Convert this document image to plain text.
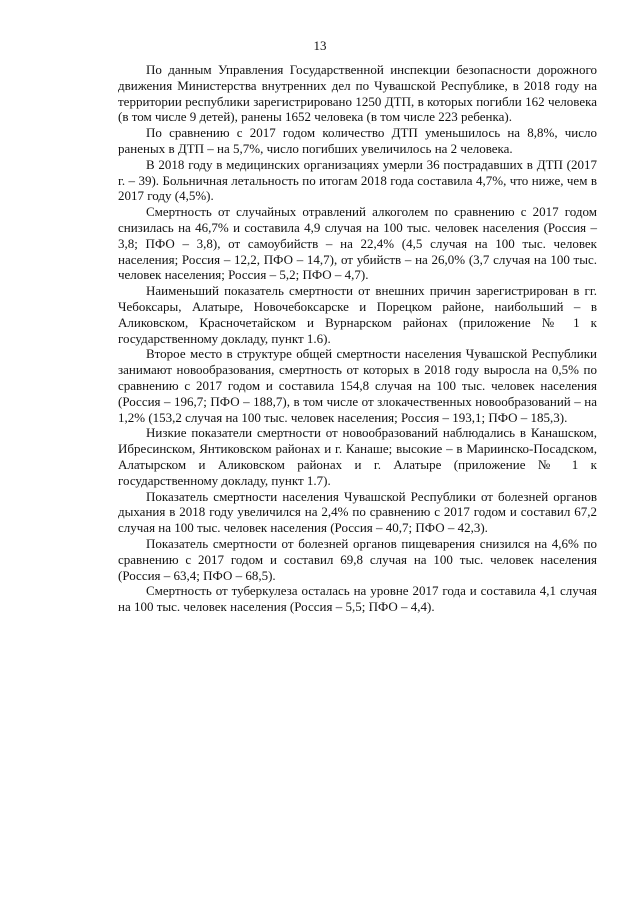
13

По данным Управления Государственной инспекции безопасности дорожного движения Министерства внутренних дел по Чувашской Республике, в 2018 году на территории республики зарегистрировано 1250 ДТП, в которых погибли 162 человека (в том числе 9 детей), ранены 1652 человека (в том числе 223 ребенка).

По сравнению с 2017 годом количество ДТП уменьшилось на 8,8%, число раненых в ДТП – на 5,7%, число погибших увеличилось на 2 человека.

В 2018 году в медицинских организациях умерли 36 пострадавших в ДТП (2017 г. – 39). Больничная летальность по итогам 2018 года составила 4,7%, что ниже, чем в 2017 году (4,5%).

Смертность от случайных отравлений алкоголем по сравнению с 2017 годом снизилась на 46,7% и составила 4,9 случая на 100 тыс. человек населения (Россия – 3,8; ПФО – 3,8), от самоубийств – на 22,4% (4,5 случая на 100 тыс. человек населения; Россия – 12,2, ПФО – 14,7), от убийств – на 26,0% (3,7 случая на 100 тыс. человек населения; Россия – 5,2; ПФО – 4,7).

Наименьший показатель смертности от внешних причин зарегистрирован в гг. Чебоксары, Алатыре, Новочебоксарске и Порецком районе, наибольший – в Аликовском, Красночетайском и Вурнарском районах (приложение № 1 к государственному докладу, пункт 1.6).

Второе место в структуре общей смертности населения Чувашской Республики занимают новообразования, смертность от которых в 2018 году выросла на 0,5% по сравнению с 2017 годом и составила 154,8 случая на 100 тыс. человек населения (Россия – 196,7; ПФО – 188,7), в том числе от злокачественных новообразований – на 1,2% (153,2 случая на 100 тыс. человек населения; Россия – 193,1; ПФО – 185,3).

Низкие показатели смертности от новообразований наблюдались в Канашском, Ибресинском, Янтиковском районах и г. Канаше; высокие – в Мариинско-Посадском, Алатырском и Аликовском районах и г. Алатыре (приложение № 1 к государственному докладу, пункт 1.7).

Показатель смертности населения Чувашской Республики от болезней органов дыхания в 2018 году увеличился на 2,4% по сравнению с 2017 годом и составил 67,2 случая на 100 тыс. человек населения (Россия – 40,7; ПФО – 42,3).

Показатель смертности от болезней органов пищеварения снизился на 4,6% по сравнению с 2017 годом и составил 69,8 случая на 100 тыс. человек населения (Россия – 63,4; ПФО – 68,5).

Смертность от туберкулеза осталась на уровне 2017 года и составила 4,1 случая на 100 тыс. человек населения (Россия – 5,5; ПФО – 4,4).
